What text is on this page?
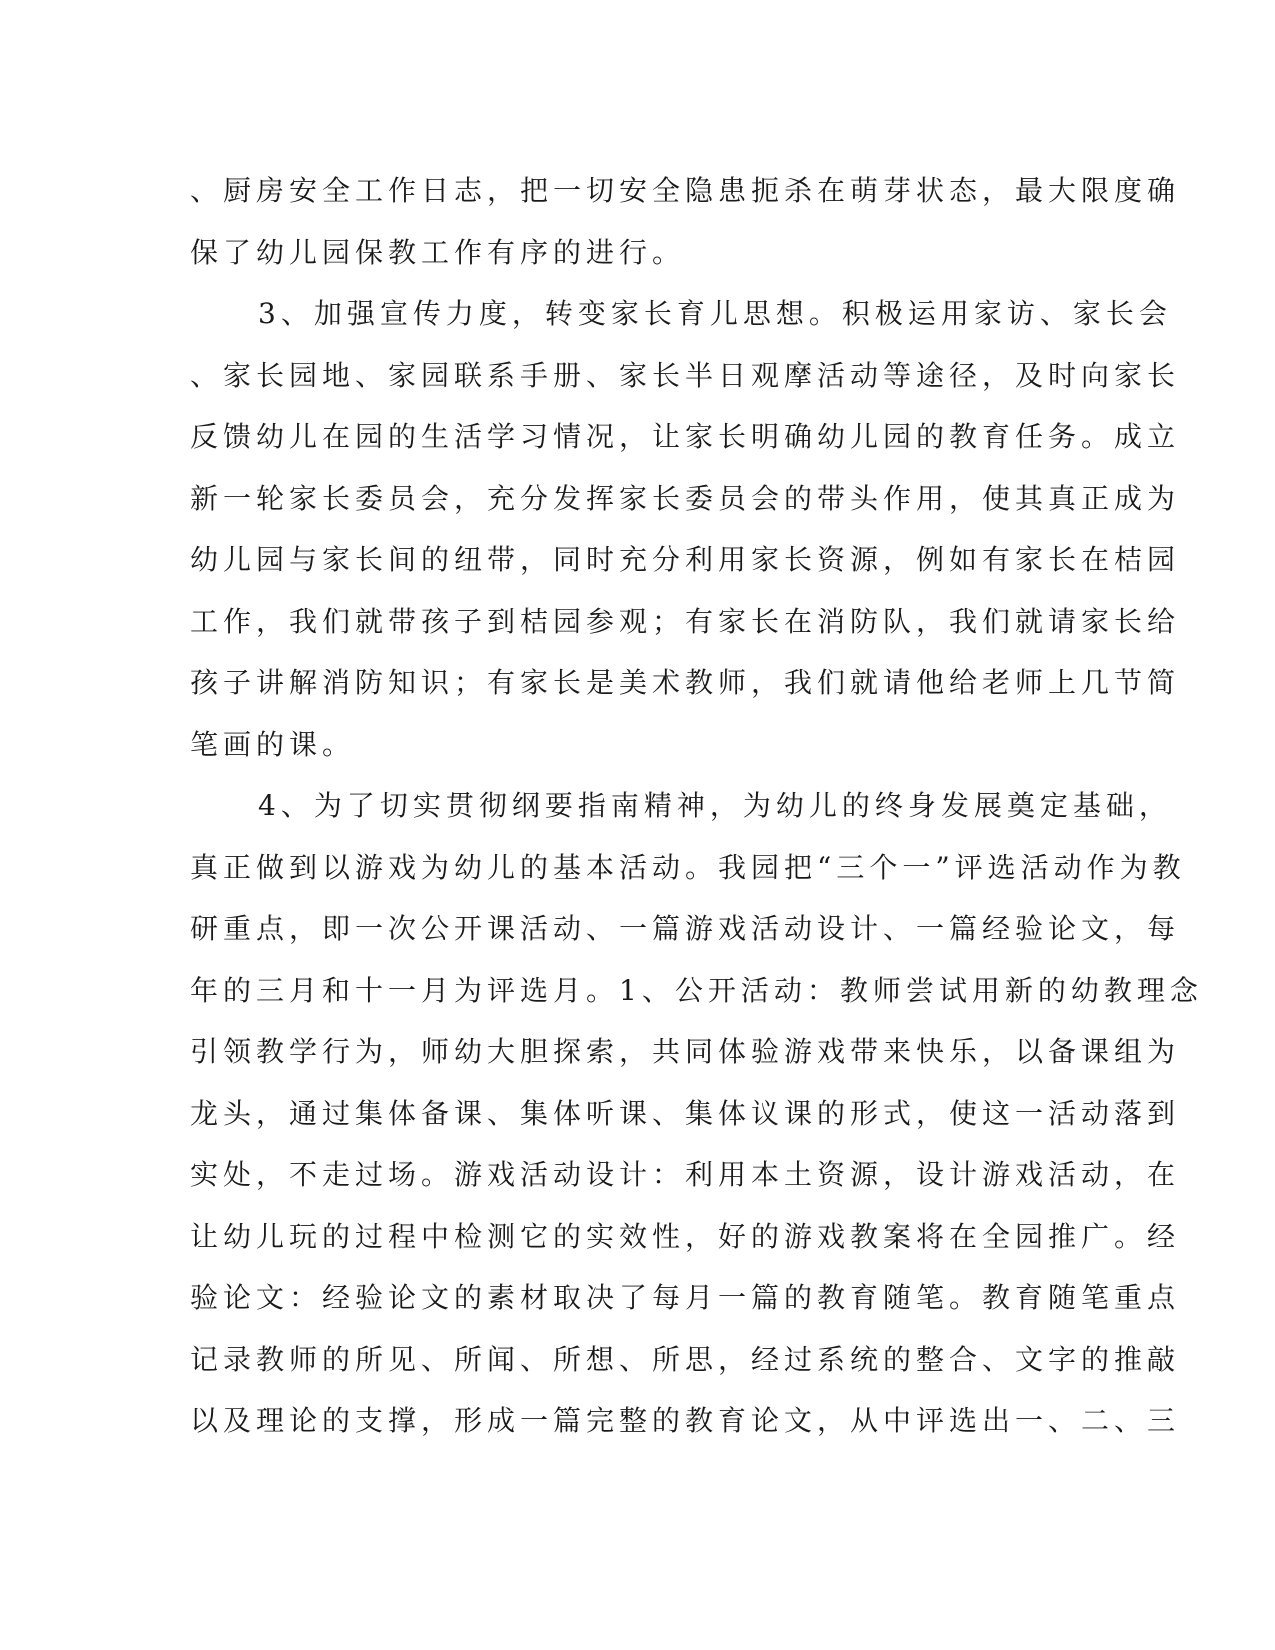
、厨房安全工作日志，把一切安全隐患扼杀在萌芽状态，最大限度确
保了幼儿园保教工作有序的进行。
3、加强宣传力度，转变家长育儿思想。积极运用家访、家长会
、家长园地、家园联系手册、家长半日观摩活动等途径，及时向家长
反馈幼儿在园的生活学习情况，让家长明确幼儿园的教育任务。成立
新一轮家长委员会，充分发挥家长委员会的带头作用，使其真正成为
幼儿园与家长间的纽带，同时充分利用家长资源，例如有家长在桔园
工作，我们就带孩子到桔园参观；有家长在消防队，我们就请家长给
孩子讲解消防知识；有家长是美术教师，我们就请他给老师上几节简
笔画的课。
4、为了切实贯彻纲要指南精神，为幼儿的终身发展奠定基础，
真正做到以游戏为幼儿的基本活动。我园把“三个一”评选活动作为教
研重点，即一次公开课活动、一篇游戏活动设计、一篇经验论文，每
年的三月和十一月为评选月。1、公开活动：教师尝试用新的幼教理念
引领教学行为，师幼大胆探索，共同体验游戏带来快乐，以备课组为
龙头，通过集体备课、集体听课、集体议课的形式，使这一活动落到
实处，不走过场。游戏活动设计：利用本土资源，设计游戏活动，在
让幼儿玩的过程中检测它的实效性，好的游戏教案将在全园推广。经
验论文：经验论文的素材取决了每月一篇的教育随笔。教育随笔重点
记录教师的所见、所闻、所想、所思，经过系统的整合、文字的推敲
以及理论的支撑，形成一篇完整的教育论文，从中评选出一、二、三
